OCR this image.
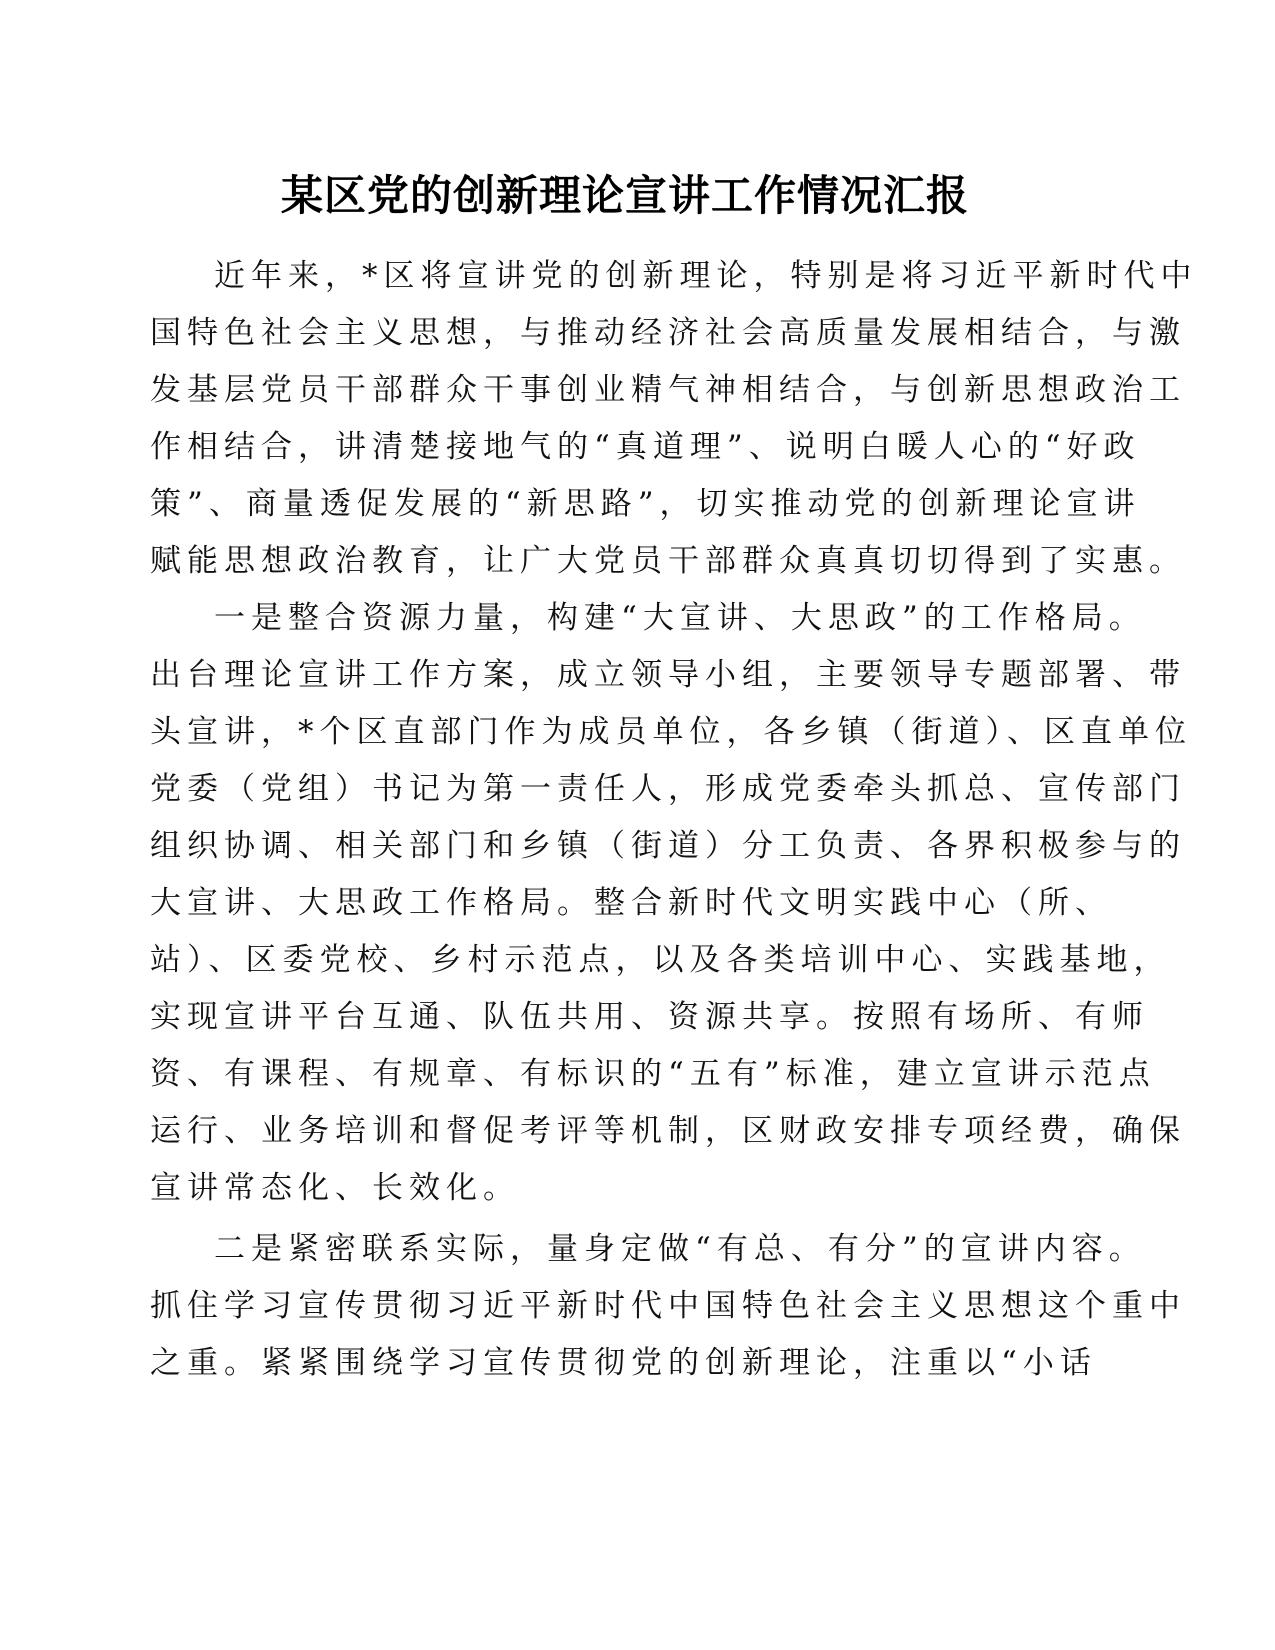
某区党的创新理论宣讲工作情况汇报
近年来，*区将宣讲党的创新理论，特别是将习近平新时代中
国特色社会主义思想，与推动经济社会高质量发展相结合，与激
发基层党员干部群众干事创业精气神相结合，与创新思想政治工
作相结合，讲清楚接地气的“真道理”、说明白暖人心的“好政
策”、商量透促发展的“新思路”，切实推动党的创新理论宣讲
赋能思想政治教育，让广大党员干部群众真真切切得到了实惠。
一是整合资源力量，构建“大宣讲、大思政”的工作格局。
出台理论宣讲工作方案，成立领导小组，主要领导专题部署、带
头宣讲，*个区直部门作为成员单位，各乡镇（街道）、区直单位
党委（党组）书记为第一责任人，形成党委牵头抓总、宣传部门
组织协调、相关部门和乡镇（街道）分工负责、各界积极参与的
大宣讲、大思政工作格局。整合新时代文明实践中心（所、
站）、区委党校、乡村示范点，以及各类培训中心、实践基地，
实现宣讲平台互通、队伍共用、资源共享。按照有场所、有师
资、有课程、有规章、有标识的“五有”标准，建立宣讲示范点
运行、业务培训和督促考评等机制，区财政安排专项经费，确保
宣讲常态化、长效化。
二是紧密联系实际，量身定做“有总、有分”的宣讲内容。
抓住学习宣传贯彻习近平新时代中国特色社会主义思想这个重中
之重。紧紧围绕学习宣传贯彻党的创新理论，注重以“小话
